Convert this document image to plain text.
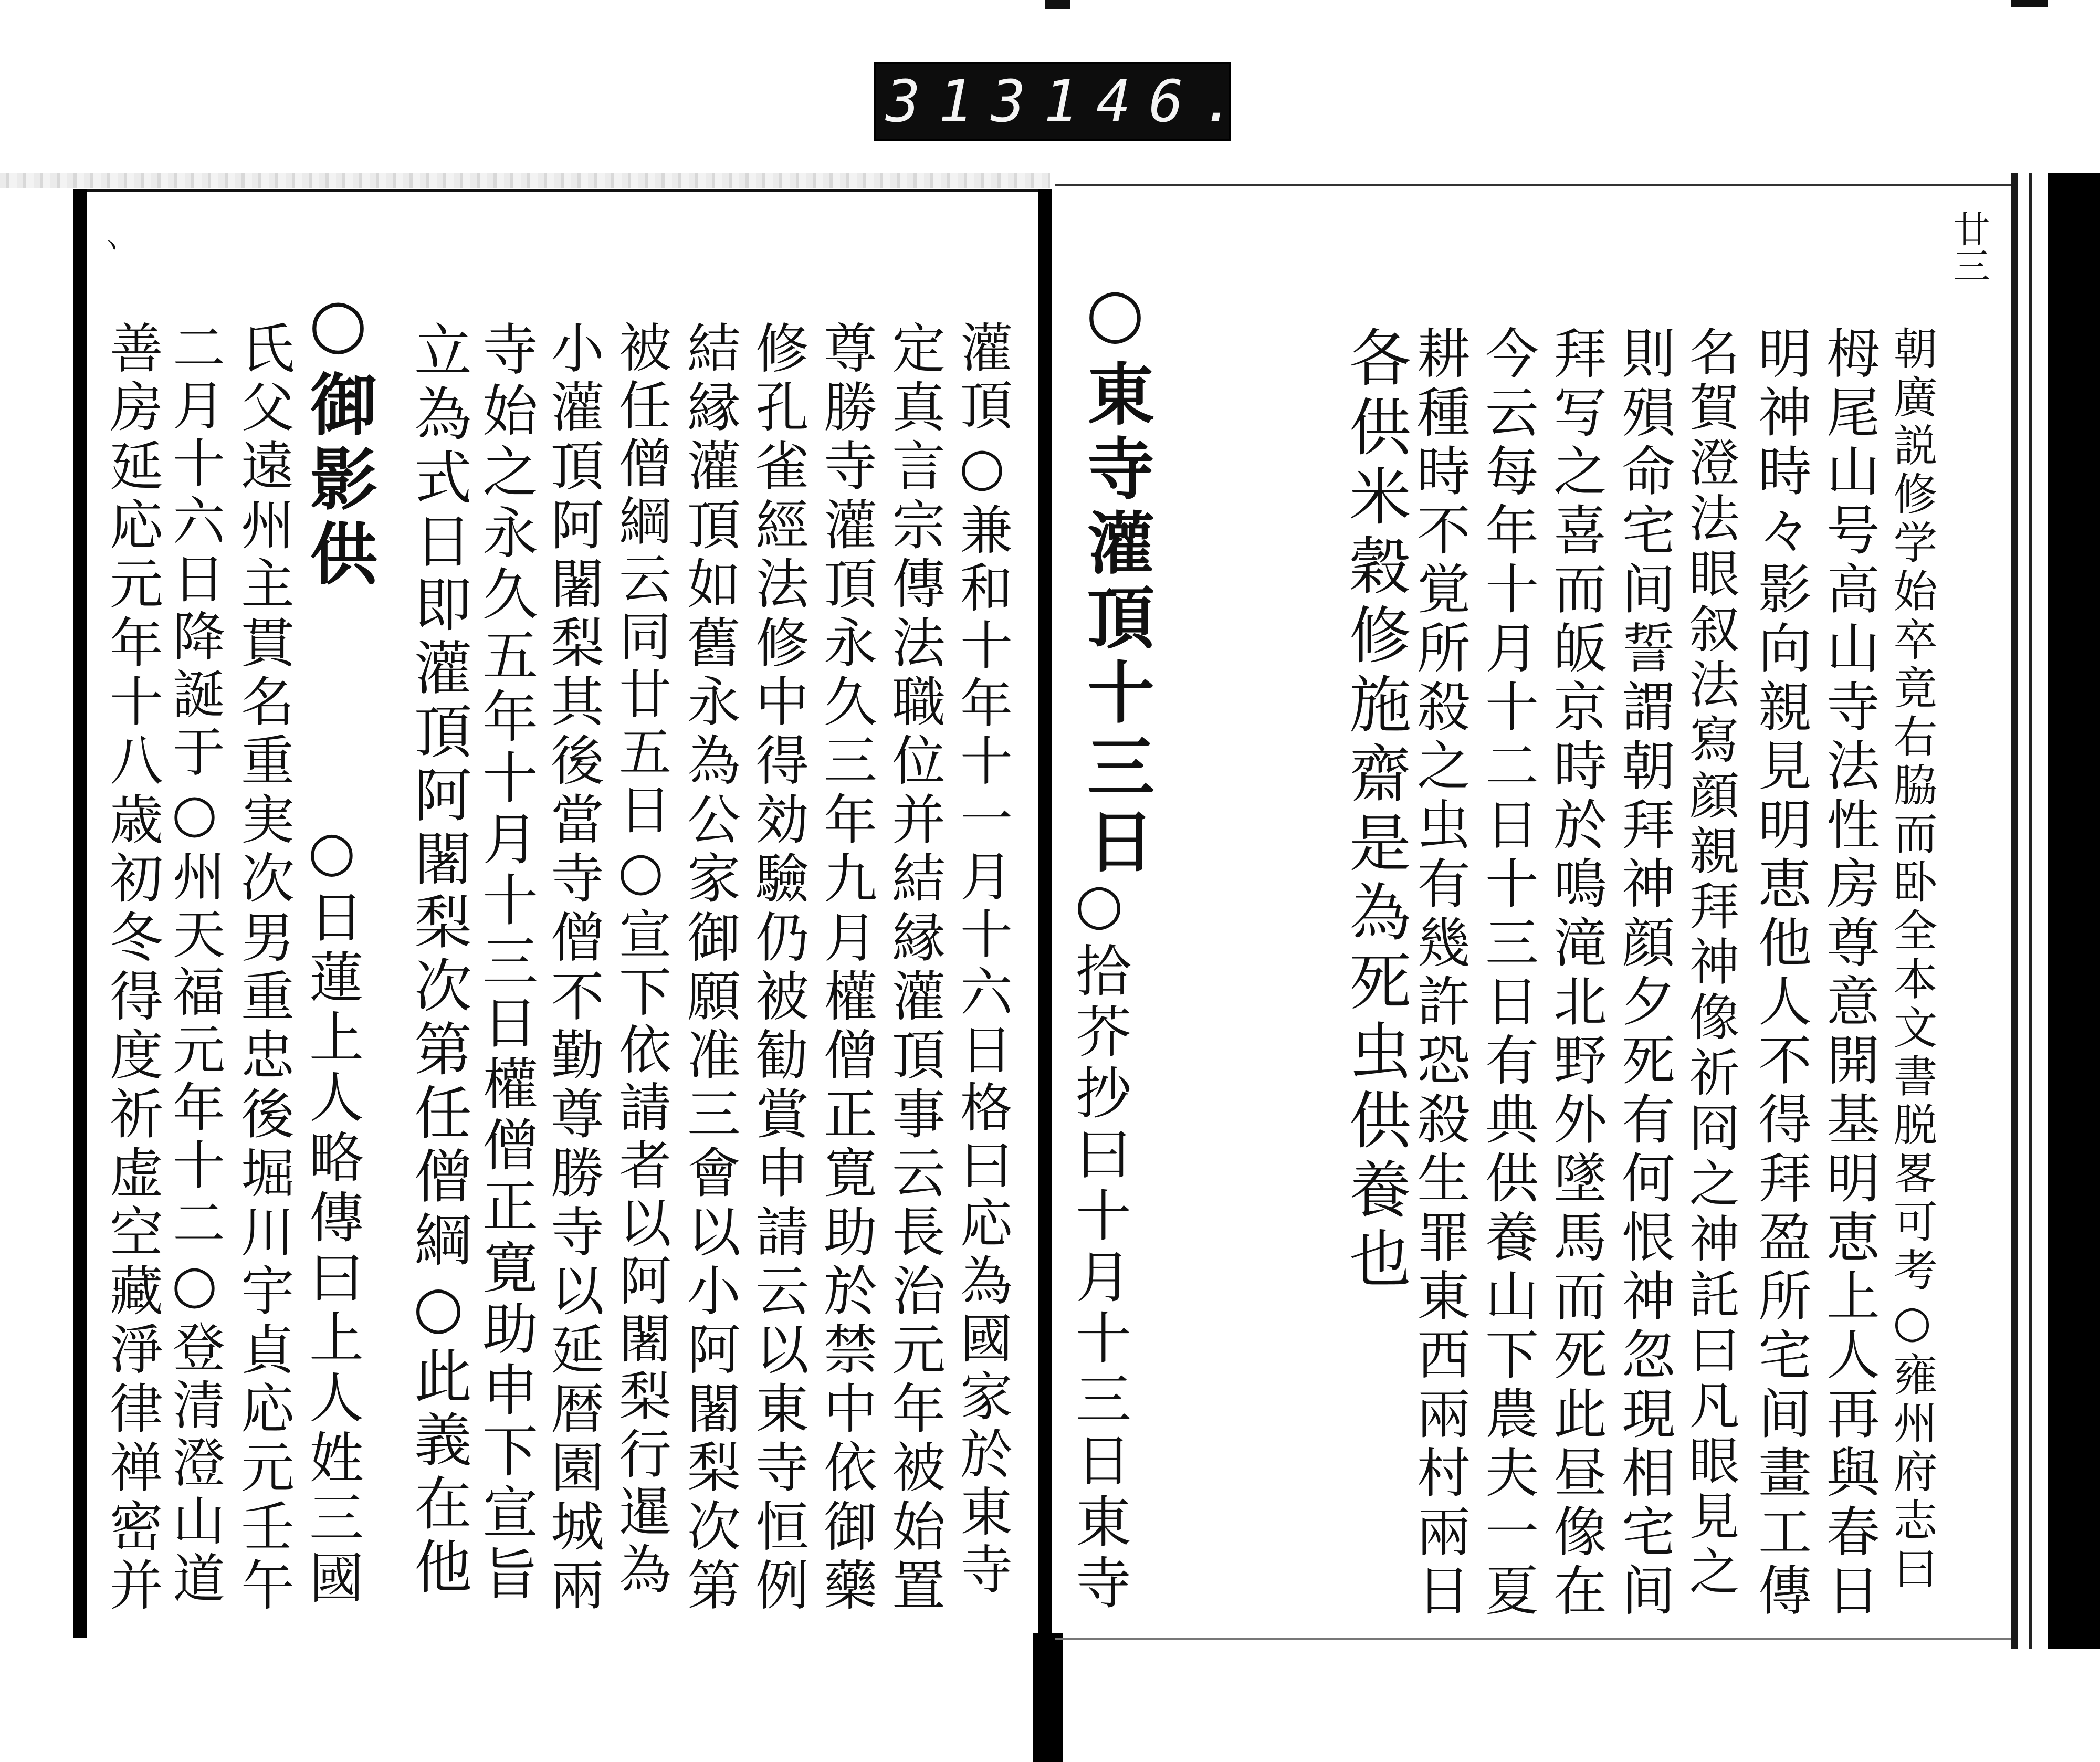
313 146.
廿三
ヽ
朝廣説修学始卒竟右脇而卧全本文書脱畧可考○雍州府志曰
栂尾山号高山寺法性房尊意開基明恵上人再與春日
明神時々影向親見明恵他人不得拜盈所宅间畫工傳
名賀澄法眼叙法寫顔親拜神像祈冏之神託曰凡眼見之
則殞命宅间誓謂朝拜神顔夕死有何恨神忽現相宅间
拜写之喜而皈京時於鳴滝北野外墜馬而死此昼像在
今云每年十月十二日十三日有典供養山下農夫一夏
耕種時不覚所殺之虫有幾許恐殺生罪東西兩村兩日
各供米穀修施齋是為死虫供養也
○東寺灌頂十三日
○拾芥抄曰十月十三日東寺
灌頂○兼和十年十一月十六日格曰応為國家於東寺
定真言宗傳法職位并結縁灌頂事云長治元年被始置
尊勝寺灌頂永久三年九月權僧正寛助於禁中依御藥
修孔雀經法修中得効驗仍被勧賞申請云以東寺恒例
結縁灌頂如舊永為公家御願准三會以小阿闍梨次第
被任僧綱云同廿五日○宣下依請者以阿闍梨行暹為
小灌頂阿闍梨其後當寺僧不勤尊勝寺以延暦園城兩
寺始之永久五年十月十三日權僧正寛助申下宣旨
立為式日即灌頂阿闍梨次第任僧綱○此義在他
○御影供
○日蓮上人略傳曰上人姓三國
氏父遠州主貫名重実次男重忠後堀川宇貞応元壬午
二月十六日降誕于○州天福元年十二○登清澄山道
善房延応元年十八歳初冬得度祈虚空藏淨律禅密并
